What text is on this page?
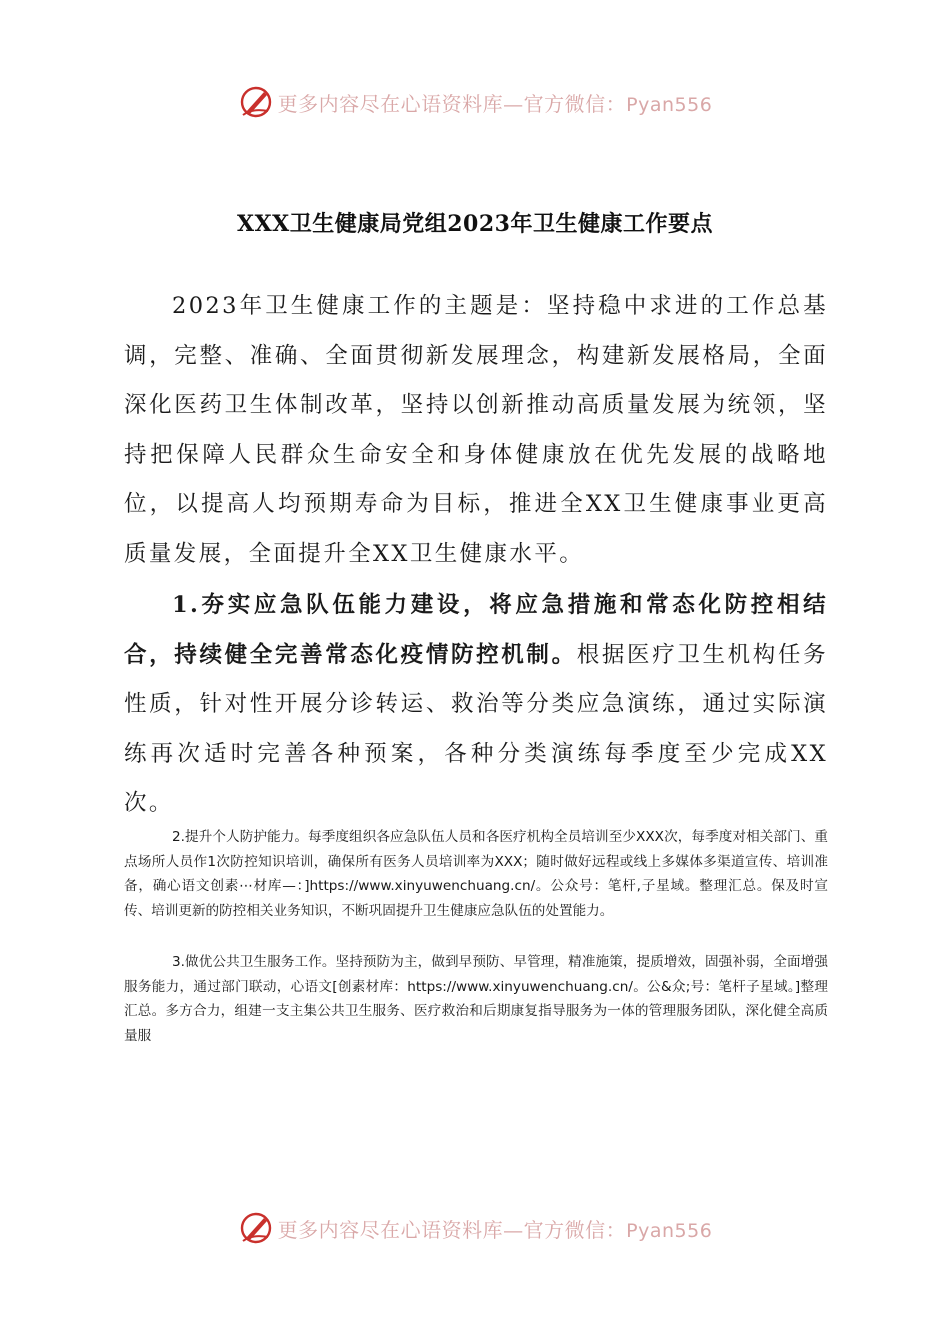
更多内容尽在心语资料库—官方微信：Pyan556
XXX卫生健康局党组2023年卫生健康工作要点

2023年卫生健康工作的主题是：坚持稳中求进的工作总基调，完整、准确、全面贯彻新发展理念，构建新发展格局，全面深化医药卫生体制改革，坚持以创新推动高质量发展为统领，坚持把保障人民群众生命安全和身体健康放在优先发展的战略地位，以提高人均预期寿命为目标，推进全XX卫生健康事业更高质量发展，全面提升全XX卫生健康水平。

1.夯实应急队伍能力建设，将应急措施和常态化防控相结合，持续健全完善常态化疫情防控机制。根据医疗卫生机构任务性质，针对性开展分诊转运、救治等分类应急演练，通过实际演练再次适时完善各种预案，各种分类演练每季度至少完成XX次。

2.提升个人防护能力。每季度组织各应急队伍人员和各医疗机构全员培训至少XXX次，每季度对相关部门、重点场所人员作1次防控知识培训，确保所有医务人员培训率为XXX；随时做好远程或线上多媒体多渠道宣传、培训准备，确心语文创素⋯材库—：]https://www.xinyuwenchuang.cn/。公众号：笔杆,子星域。整理汇总。保及时宣传、培训更新的防控相关业务知识，不断巩固提升卫生健康应急队伍的处置能力。

3.做优公共卫生服务工作。坚持预防为主，做到早预防、早管理，精准施策，提质增效，固强补弱，全面增强服务能力，通过部门联动，心语文[创素材库：https://www.xinyuwenchuang.cn/。公&众;号：笔杆子星域。]整理汇总。多方合力，组建一支主集公共卫生服务、医疗救治和后期康复指导服务为一体的管理服务团队，深化健全高质量服

更多内容尽在心语资料库—官方微信：Pyan556
